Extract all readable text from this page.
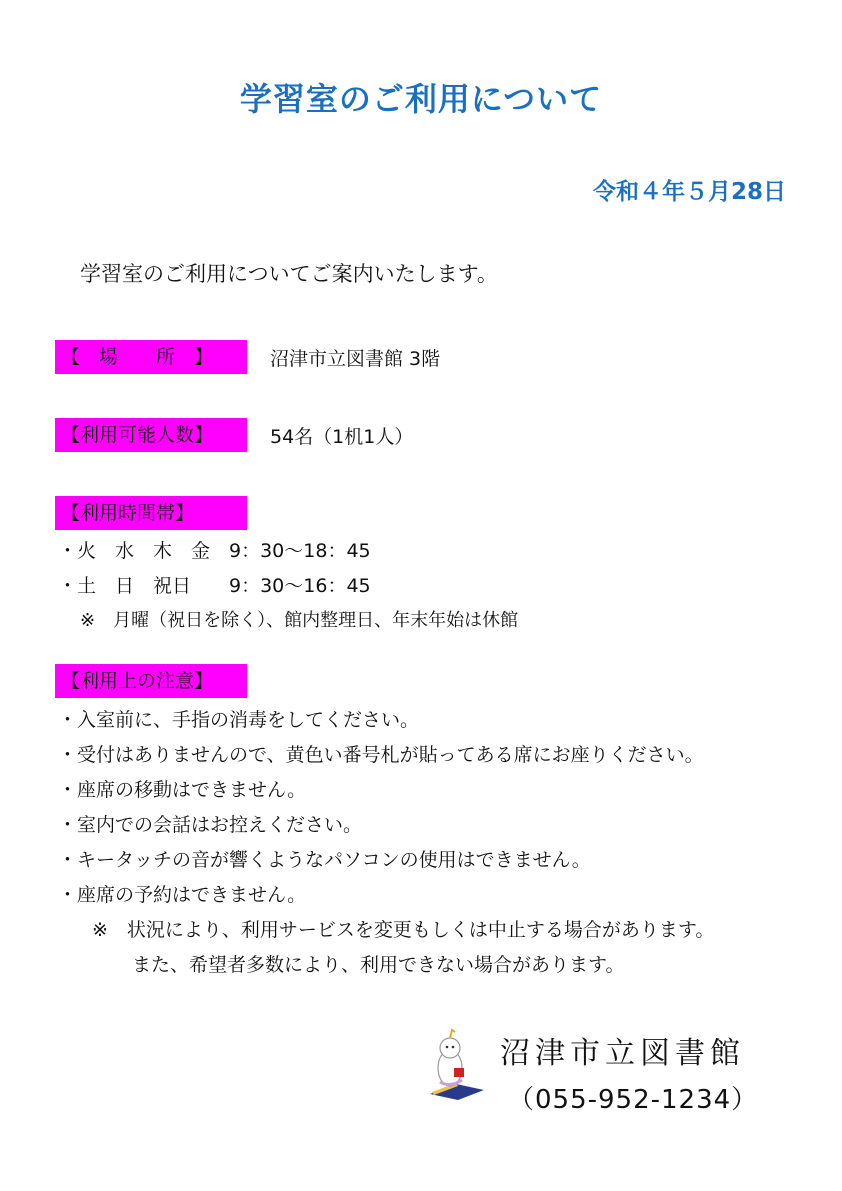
学習室のご利用について
令和４年５月28日
学習室のご利用についてご案内いたします。
【　場　　所　】	沼津市立図書館 3階
【利用可能人数】	54名（1机1人）
【利用時間帯】
・火　水　木　金　9：30～18：45
・土　日　祝日　　9：30～16：45
※　月曜（祝日を除く）、館内整理日、年末年始は休館
【利用上の注意】
・入室前に、手指の消毒をしてください。
・受付はありませんので、黄色い番号札が貼ってある席にお座りください。
・座席の移動はできません。
・室内での会話はお控えください。
・キータッチの音が響くようなパソコンの使用はできません。
・座席の予約はできません。
※　状況により、利用サービスを変更もしくは中止する場合があります。
また、希望者多数により、利用できない場合があります。
沼津市立図書館
（055-952-1234）
